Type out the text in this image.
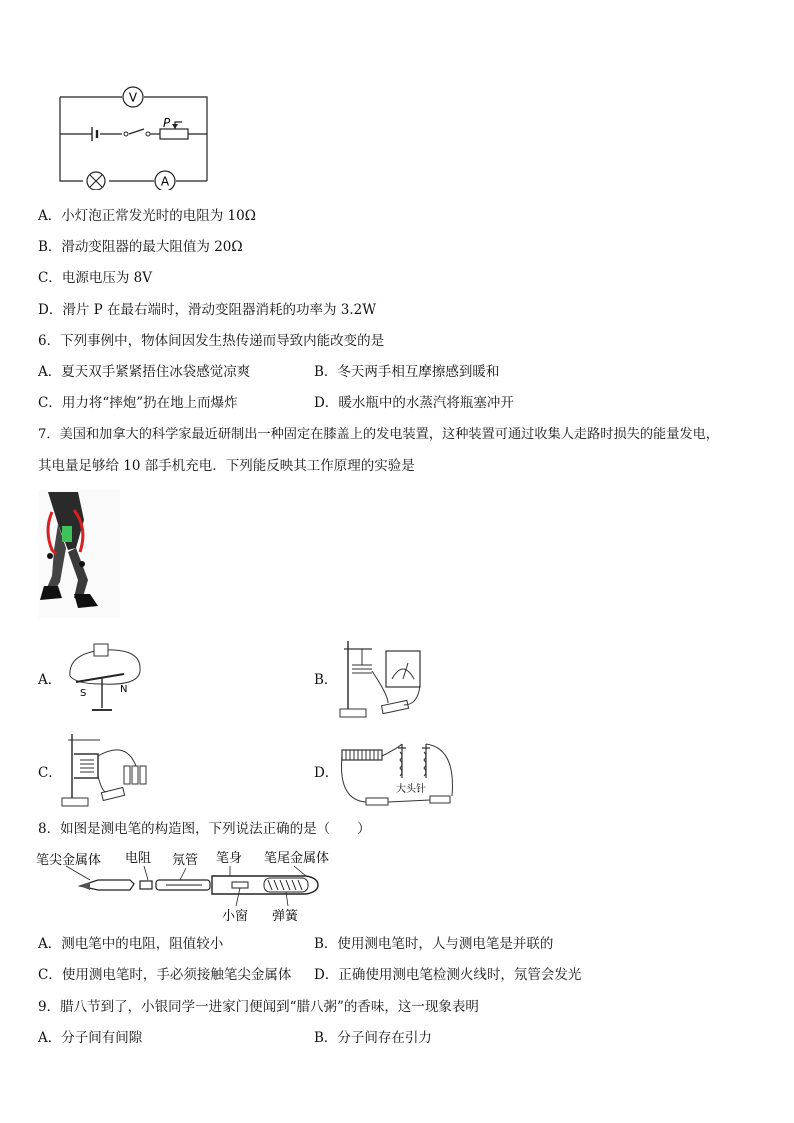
P
V
A
A．小灯泡正常发光时的电阻为 10Ω
B．滑动变阻器的最大阻值为 20Ω
C．电源电压为 8V
D．滑片 P 在最右端时，滑动变阻器消耗的功率为 3.2W
6．下列事例中，物体间因发生热传递而导致内能改变的是
A．夏天双手紧紧捂住冰袋感觉凉爽	B．冬天两手相互摩擦感到暖和
C．用力将“摔炮”扔在地上而爆炸	D．暖水瓶中的水蒸汽将瓶塞冲开
7．美国和加拿大的科学家最近研制出一种固定在膝盖上的发电装置，这种装置可通过收集人走路时损失的能量发电，
其电量足够给 10 部手机充电．下列能反映其工作原理的实验是
A．
S	N
B．
C．	D．
大头针
8．如图是测电笔的构造图，下列说法正确的是（　　）
笔尖金属体 电阻 氖管 笔身 笔尾金属体
小窗 弹簧
A．测电笔中的电阻，阻值较小	B．使用测电笔时，人与测电笔是并联的
C．使用测电笔时，手必须接触笔尖金属体 D．正确使用测电笔检测火线时，氖管会发光
9．腊八节到了，小银同学一进家门便闻到“腊八粥”的香味，这一现象表明
A．分子间有间隙	B．分子间存在引力
